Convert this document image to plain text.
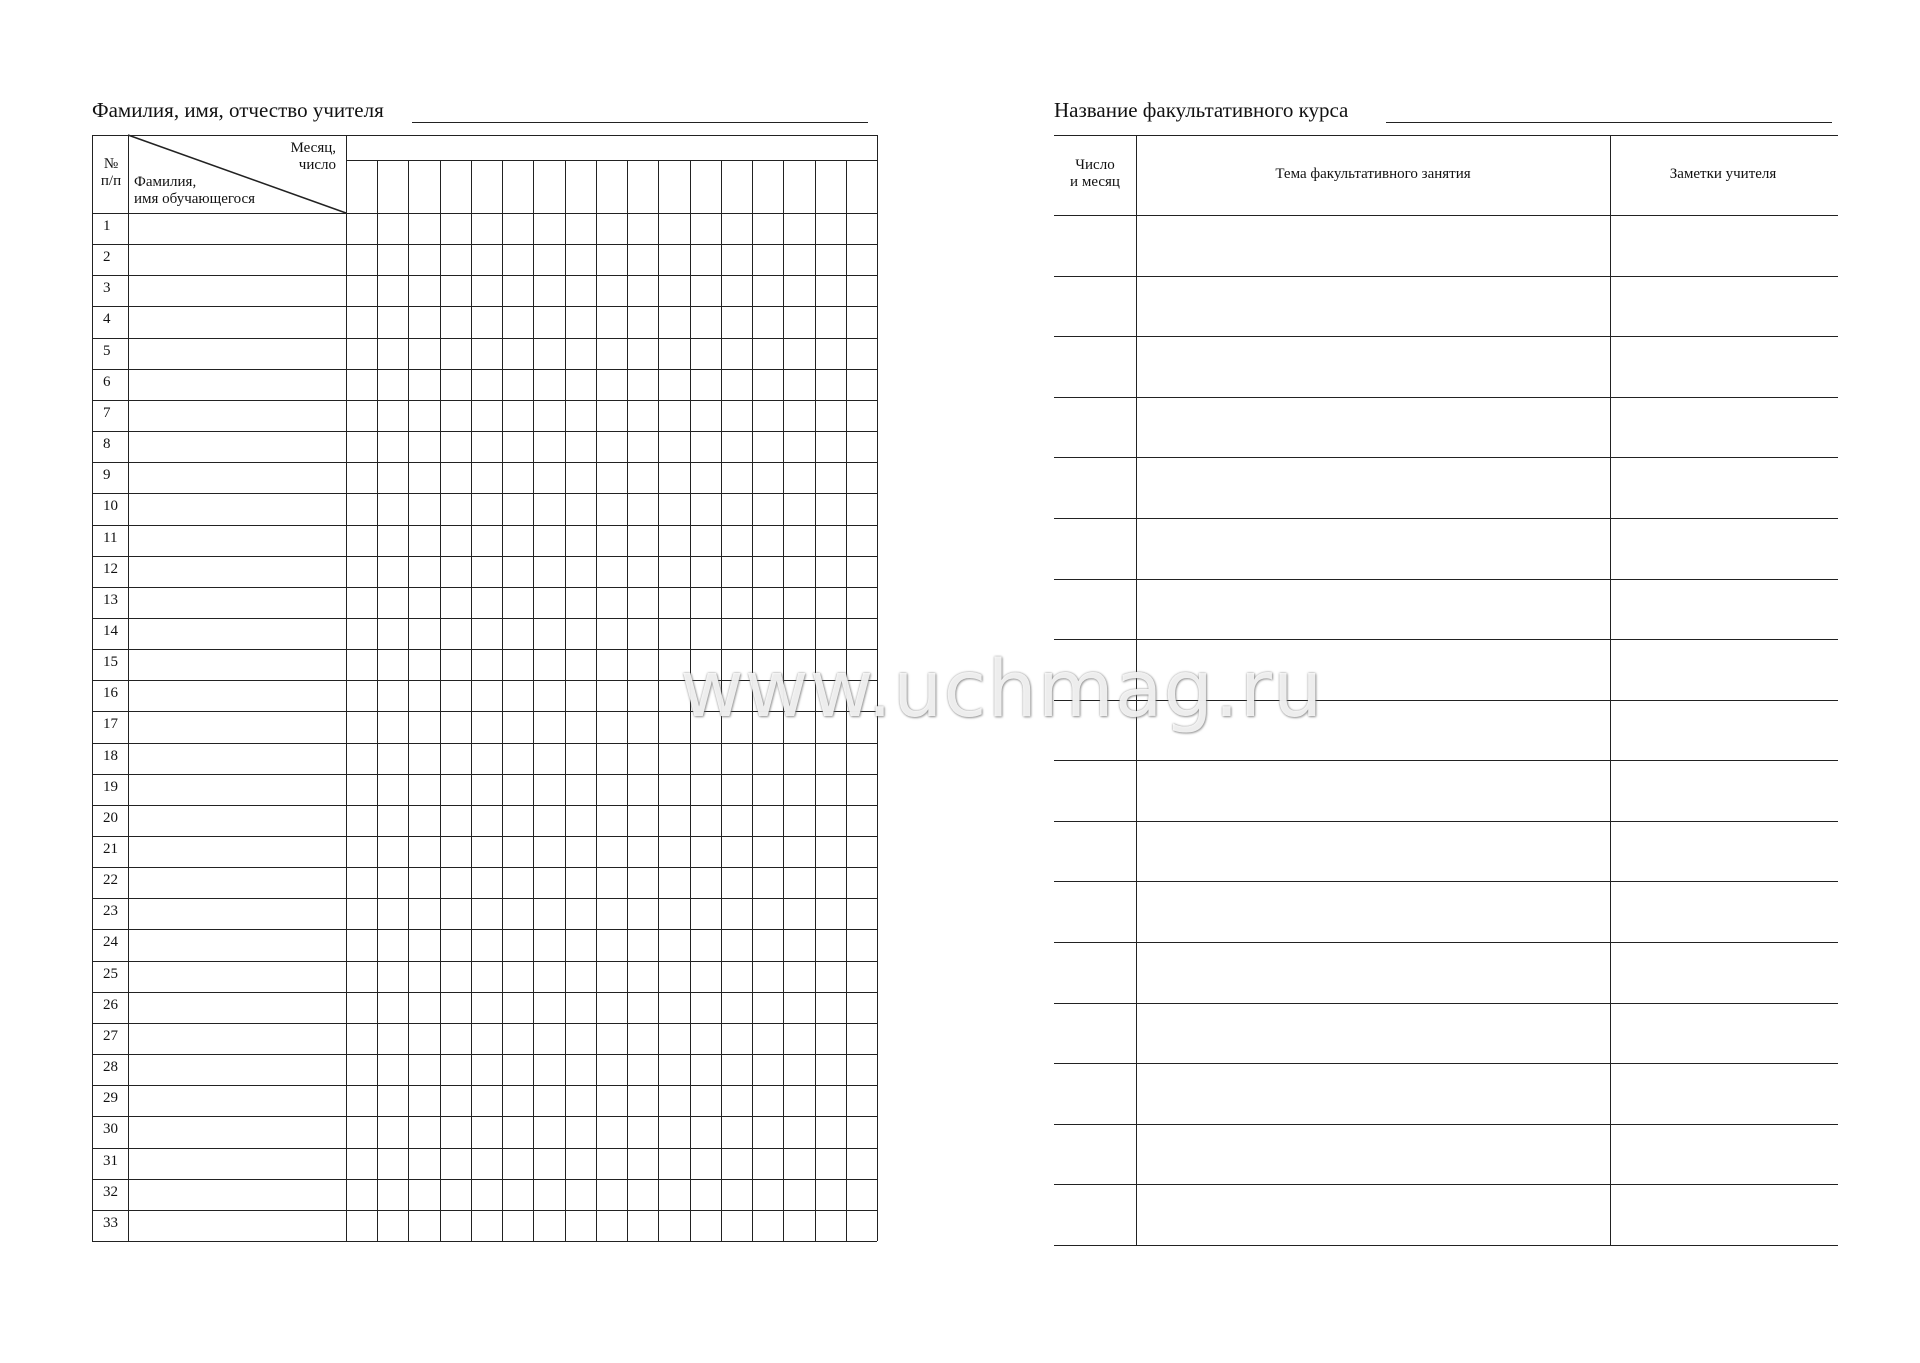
Фамилия, имя, отчество учителя
№
п/п
Месяц,
число
Фамилия,
имя обучающегося
1
2
3
4
5
6
7
8
9
10
11
12
13
14
15
16
17
18
19
20
21
22
23
24
25
26
27
28
29
30
31
32
33
Название факультативного курса
Число
и месяц	Тема факультативного занятия	Заметки учителя
www.uchmag.ru
